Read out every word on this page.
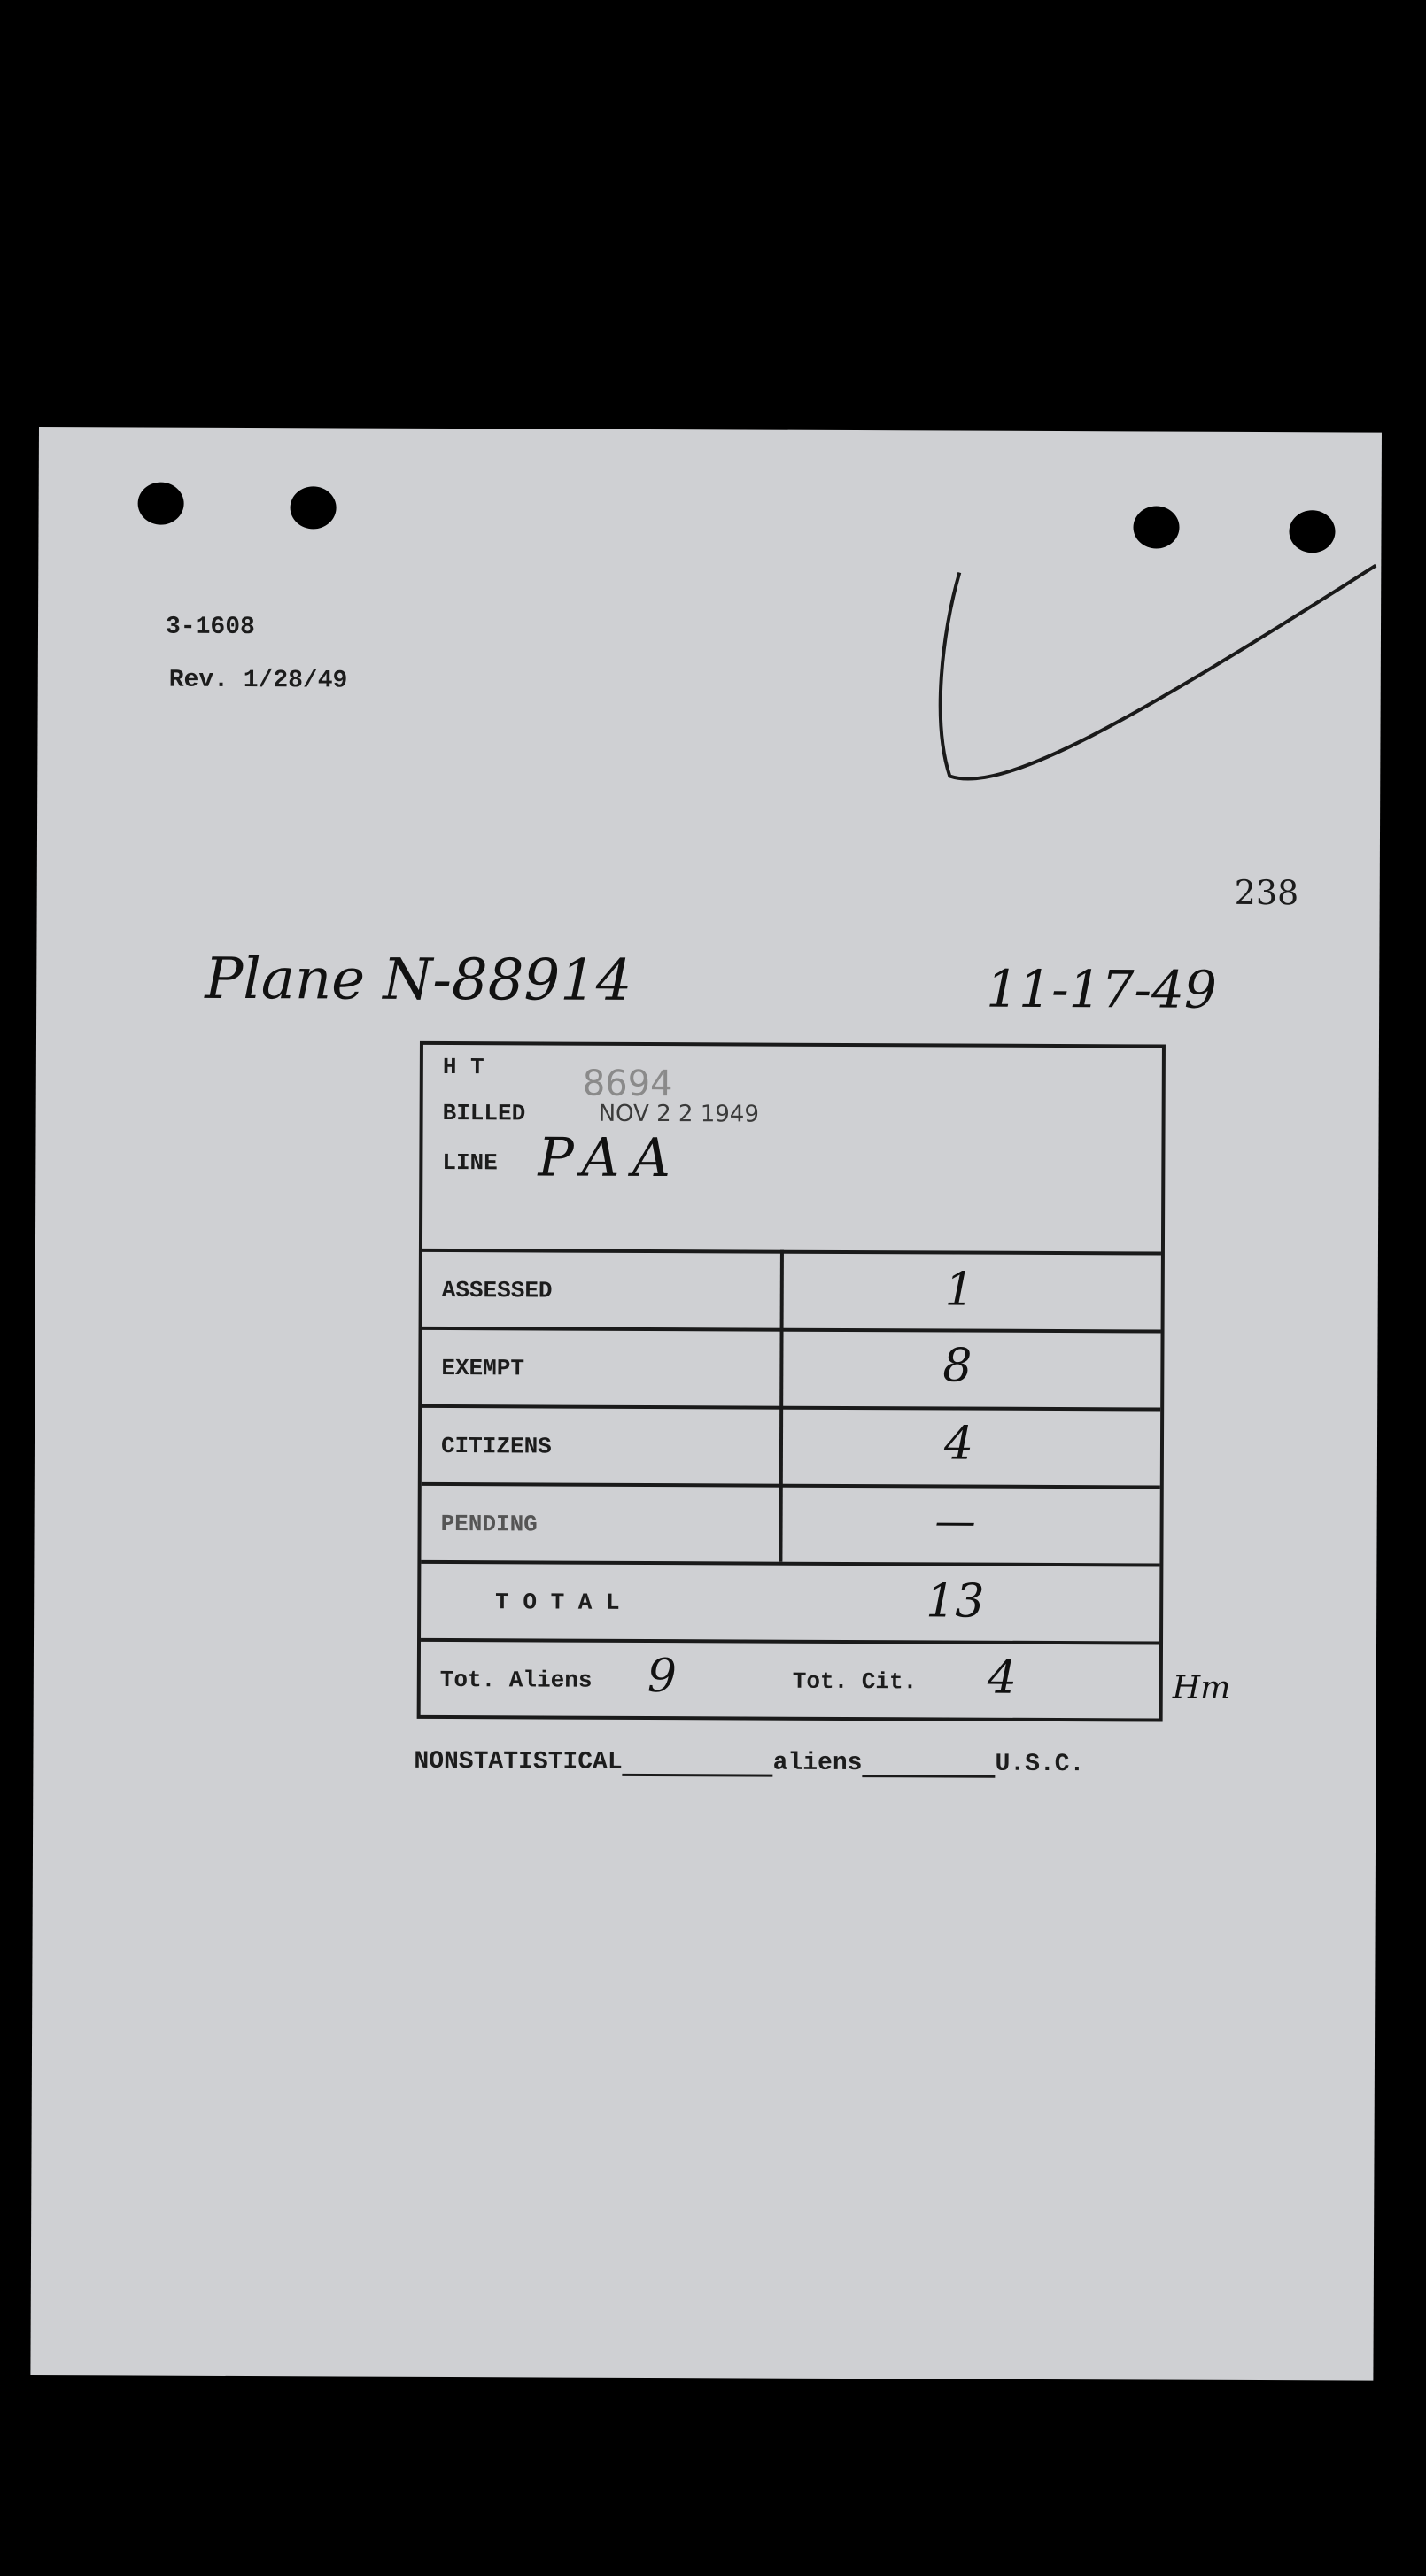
3-1608
Rev. 1/28/49
238
Plane N-88914	11-17-49
H T	8694
BILLED	NOV 2 2 1949
LINE PAA
ASSESSED	1
EXEMPT	8
CITIZENS	4
PENDING	—
T O T A L	13
Tot. Aliens 9	Tot. Cit. 4	Hm
NONSTATISTICAL	aliens	U.S.C.
